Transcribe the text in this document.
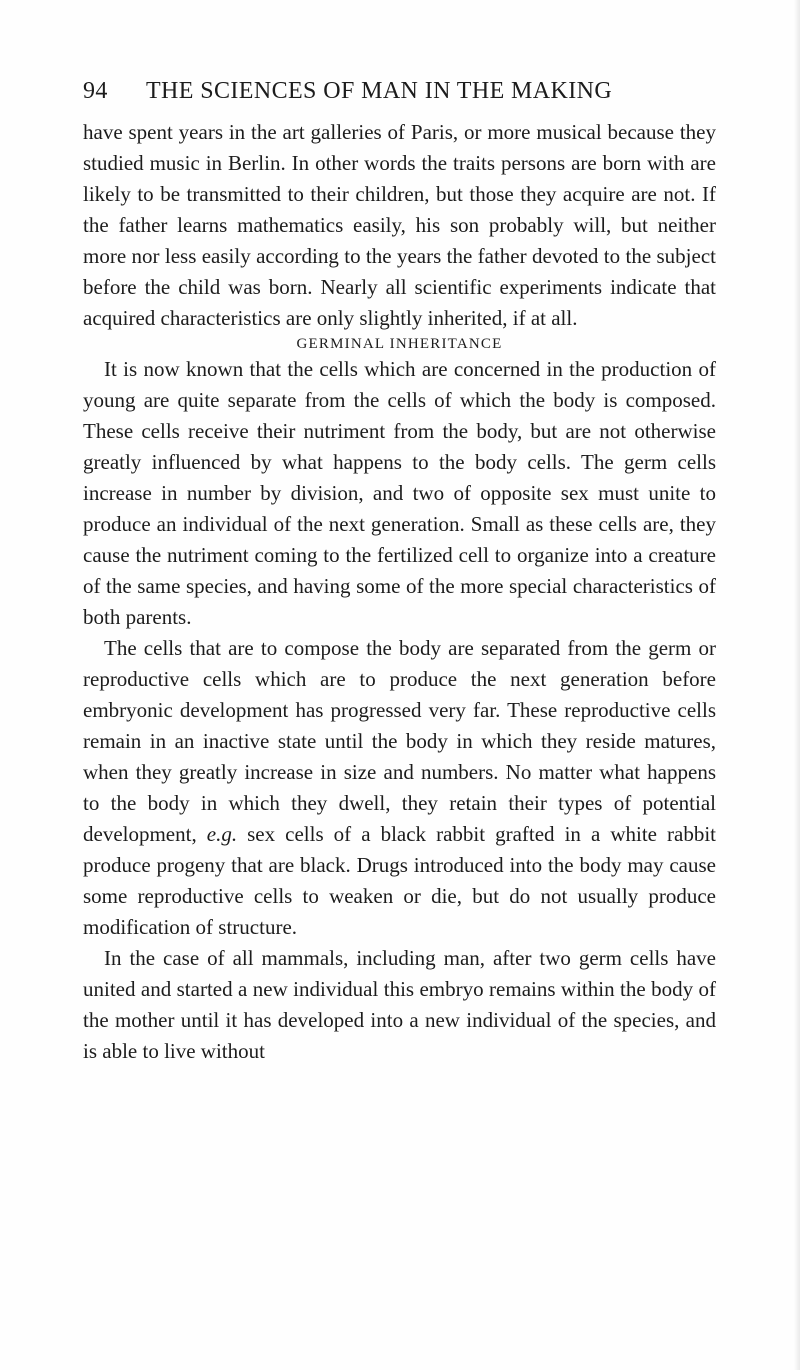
94 THE SCIENCES OF MAN IN THE MAKING

have spent years in the art galleries of Paris, or more musical because they studied music in Berlin. In other words the traits persons are born with are likely to be transmitted to their children, but those they acquire are not. If the father learns mathematics easily, his son probably will, but neither more nor less easily according to the years the father devoted to the subject before the child was born. Nearly all scientific experiments indicate that acquired characteristics are only slightly inherited, if at all.

GERMINAL INHERITANCE

It is now known that the cells which are concerned in the production of young are quite separate from the cells of which the body is composed. These cells receive their nutriment from the body, but are not otherwise greatly influenced by what happens to the body cells. The germ cells increase in number by division, and two of opposite sex must unite to produce an individual of the next generation. Small as these cells are, they cause the nutriment coming to the fertilized cell to organize into a creature of the same species, and having some of the more special characteristics of both parents.

The cells that are to compose the body are separated from the germ or reproductive cells which are to produce the next generation before embryonic development has progressed very far. These reproductive cells remain in an inactive state until the body in which they reside matures, when they greatly increase in size and numbers. No matter what happens to the body in which they dwell, they retain their types of potential development, e.g. sex cells of a black rabbit grafted in a white rabbit produce progeny that are black. Drugs introduced into the body may cause some reproductive cells to weaken or die, but do not usually produce modification of structure.

In the case of all mammals, including man, after two germ cells have united and started a new individual this embryo remains within the body of the mother until it has developed into a new individual of the species, and is able to live without
